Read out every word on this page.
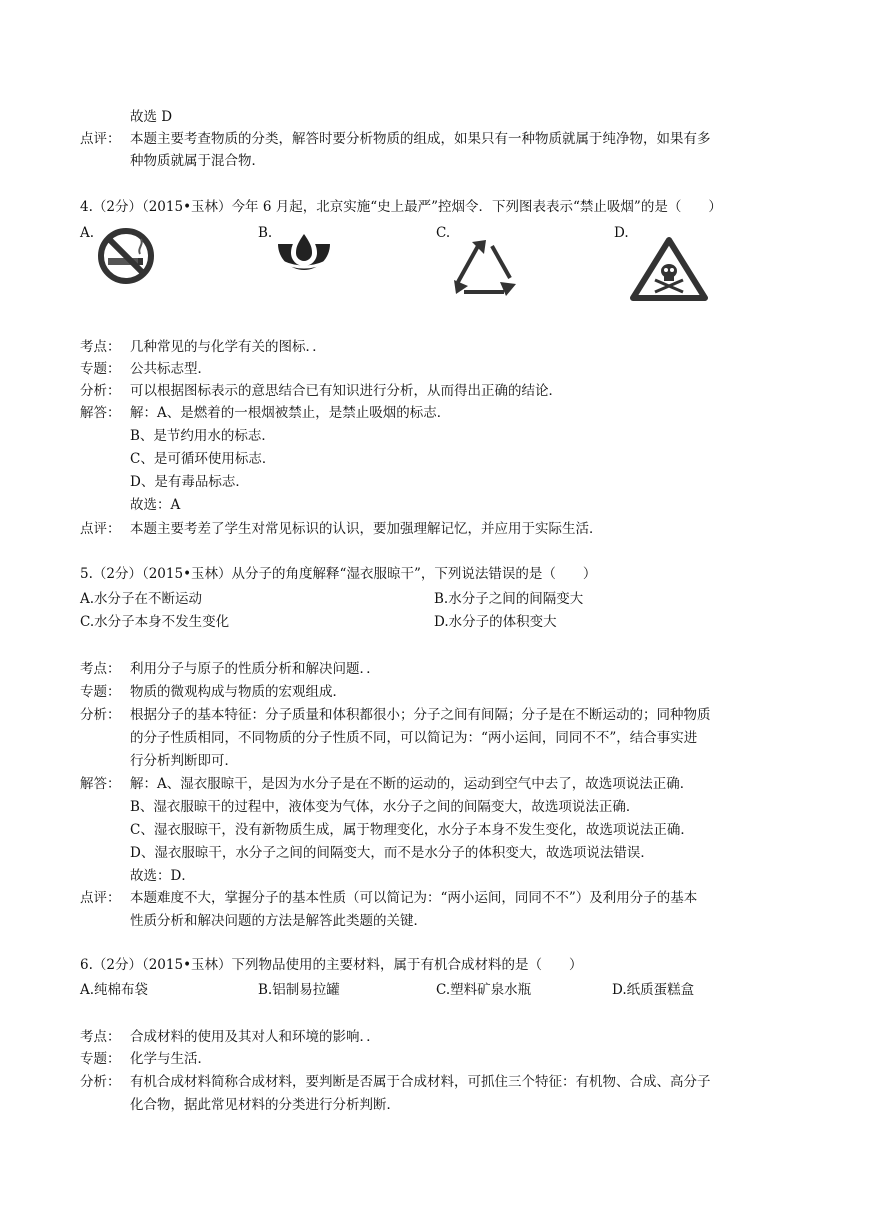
故选 D
点评： 本题主要考查物质的分类，解答时要分析物质的组成，如果只有一种物质就属于纯净物，如果有多
种物质就属于混合物．
4.（2分）（2015•玉林）今年 6 月起，北京实施“史上最严”控烟令．下列图表表示“禁止吸烟”的是（　　）
A.	B.	C.	D.
考点： 几种常见的与化学有关的图标．．
专题： 公共标志型．
分析： 可以根据图标表示的意思结合已有知识进行分析，从而得出正确的结论．
解答： 解：A、是燃着的一根烟被禁止，是禁止吸烟的标志．
B、是节约用水的标志．
C、是可循环使用标志．
D、是有毒品标志．
故选：A
点评： 本题主要考差了学生对常见标识的认识，要加强理解记忆，并应用于实际生活．
5.（2分）（2015•玉林）从分子的角度解释“湿衣服晾干”，下列说法错误的是（　　）
A.水分子在不断运动	B.水分子之间的间隔变大
C.水分子本身不发生变化	D.水分子的体积变大
考点： 利用分子与原子的性质分析和解决问题．．
专题： 物质的微观构成与物质的宏观组成．
分析： 根据分子的基本特征：分子质量和体积都很小；分子之间有间隔；分子是在不断运动的；同种物质
的分子性质相同，不同物质的分子性质不同，可以简记为：“两小运间，同同不不”，结合事实进
行分析判断即可．
解答： 解：A、湿衣服晾干，是因为水分子是在不断的运动的，运动到空气中去了，故选项说法正确．
B、湿衣服晾干的过程中，液体变为气体，水分子之间的间隔变大，故选项说法正确．
C、湿衣服晾干，没有新物质生成，属于物理变化，水分子本身不发生变化，故选项说法正确．
D、湿衣服晾干，水分子之间的间隔变大，而不是水分子的体积变大，故选项说法错误．
故选：D．
点评： 本题难度不大，掌握分子的基本性质（可以简记为：“两小运间，同同不不”）及利用分子的基本
性质分析和解决问题的方法是解答此类题的关键．
6.（2分）（2015•玉林）下列物品使用的主要材料，属于有机合成材料的是（　　）
A.纯棉布袋	B.铝制易拉罐	C.塑料矿泉水瓶	D.纸质蛋糕盒
考点： 合成材料的使用及其对人和环境的影响．．
专题： 化学与生活．
分析： 有机合成材料简称合成材料，要判断是否属于合成材料，可抓住三个特征：有机物、合成、高分子
化合物，据此常见材料的分类进行分析判断．
